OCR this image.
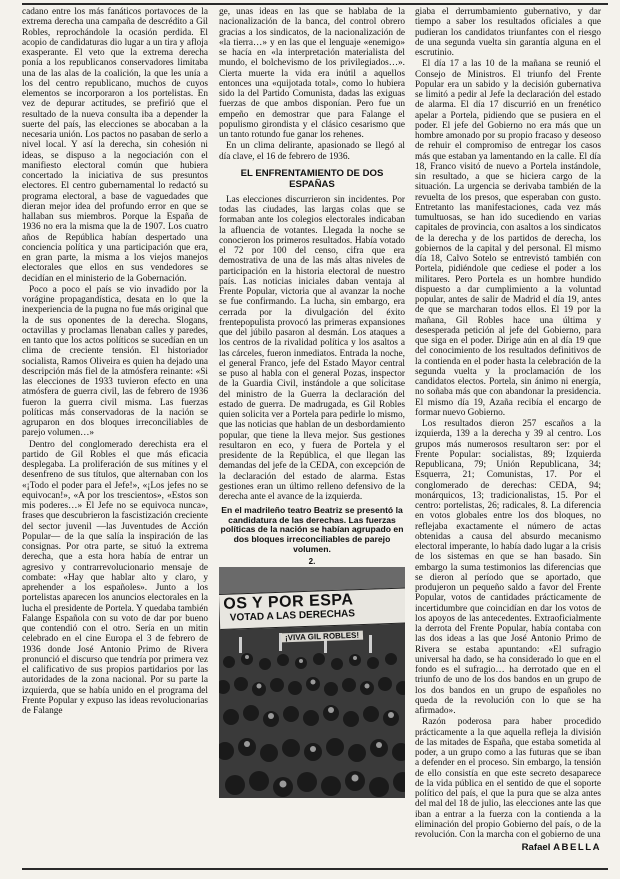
cadano entre los más fanáticos portavoces de la extrema derecha una campaña de descrédito a Gil Robles, reprochándole la ocasión perdida. El acopio de candidaturas dio lugar a un tira y afloja exasperante. El veto que la extrema derecha ponía a los republicanos conservadores limitaba una de las alas de la coalición, la que les unía a los del centro republicano, muchos de cuyos elementos se incorporaron a los portelistas. En vez de depurar actitudes, se prefirió que el resultado de la nueva consulta iba a depender la suerte del país, las elecciones se abocaban a la necesaria unión. Los pactos no pasaban de serlo a nivel local. Y así la derecha, sin cohesión ni ideas, se dispuso a la negociación con el manifiesto electoral común que hubiera concertado la iniciativa de sus presuntos electores. El centro gubernamental lo redactó su programa electoral, a base de vaguedades que dieran mejor idea del profundo error en que se hallaban sus miembros. Porque la España de 1936 no era la misma que la de 1907. Los cuatro años de República habían despertado una conciencia política y una participación que era, en gran parte, la misma a los viejos manejos electorales que ellos en sus vendedores se decidían en el ministerio de la Gobernación.

Poco a poco el país se vio invadido por la vorágine propagandística, desata en lo que la inexperiencia de la pugna no fue más original que la de sus oponentes de la derecha. Slogans, octavillas y proclamas llenaban calles y paredes, en tanto que los actos políticos se sucedían en un clima de creciente tensión. El historiador socialista, Ramos Oliveira es quien ha dejado una descripción más fiel de la atmósfera reinante: «Si las elecciones de 1933 tuvieron efecto en una atmósfera de guerra civil, las de febrero de 1936 fueron la guerra civil misma. Las fuerzas políticas más conservadoras de la nación se agruparon en dos bloques irreconciliables de parejo volumen…»

Dentro del conglomerado derechista era el partido de Gil Robles el que más eficacia desplegaba. La proliferación de sus mítines y el desenfreno de sus títulos, que alternaban con los «¡Todo el poder para el Jefe!», «¡Los jefes no se equivocan!», «A por los trescientos», «Estos son mis poderes…» El Jefe no se equivoca nunca», frases que descubrieron la fascistización creciente del sector juvenil —las Juventudes de Acción Popular— de la que salía la inspiración de las consignas. Por otra parte, se situó la extrema derecha, que a esta hora había de entrar un agresivo y contrarrevolucionario mensaje de combate: «Hay que hablar alto y claro, y aprehender a los españoles». Junto a los portelistas aparecen los anuncios electorales en la lucha el presidente de Portela. Y quedaba también Falange Española con su voto de dar por bueno que contendió con el otro. Sería en un mitin celebrado en el cine Europa el 3 de febrero de 1936 donde José Antonio Primo de Rivera pronunció el discurso que tendría por primera vez el calificativo de sus propios partidarios por las autoridades de la zona nacional. Por su parte la izquierda, que se había unido en el programa del Frente Popular y expuso las ideas revolucionarias de Falange

ge, unas ideas en las que se hablaba de la nacionalización de la banca, del control obrero gracias a los sindicatos, de la nacionalización de «la tierra…» y en las que el lenguaje «enemigo» se hacía en «la interpretación materialista del mundo, el bolchevismo de los privilegiados…». Cierta muerte la vida era inútil a aquellos entonces una «quijotada total», como lo hubiera sido la del Partido Comunista, dadas las exiguas fuerzas de que ambos disponían. Pero fue un empeño en demostrar que para Falange el populismo girondista y el clásico cesarismo que un tanto rotundo fue ganar los rehenes.

En un clima delirante, apasionado se llegó al día clave, el 16 de febrero de 1936.

EL ENFRENTAMIENTO DE DOS ESPAÑAS

Las elecciones discurrieron sin incidentes. Por todas las ciudades, las largas colas que se formaban ante los colegios electorales indicaban la afluencia de votantes. Llegada la noche se conocieron los primeros resultados. Había votado el 72 por 100 del censo, cifra que era demostrativa de una de las más altas niveles de participación en la historia electoral de nuestro país. Las noticias iniciales daban ventaja al Frente Popular, victoria que al avanzar la noche se fue confirmando. La lucha, sin embargo, era cerrada por la divulgación del éxito frentepopulista provocó las primeras expansiones que del júbilo pasaron al desmán. Los ataques a los centros de la rivalidad política y los asaltos a las cárceles, fueron inmediatos. Entrada la noche, el general Franco, jefe del Estado Mayor central se puso al habla con el general Pozas, inspector de la Guardia Civil, instándole a que solicitase del ministro de la Guerra la declaración del estado de guerra. De madrugada, es Gil Robles quien solicita ver a Portela para pedirle lo mismo, que las noticias que hablan de un desbordamiento popular, que tiene la lleva mejor. Sus gestiones resultaron en eco, y fuera de Portela y el presidente de la República, el que llegan las demandas del jefe de la CEDA, con excepción de la declaración del estado de alarma. Estas gestiones eran un último relleno defensivo de la derecha ante el avance de la izquierda.

En el madrileño teatro Beatriz se presentó la candidatura de las derechas. Las fuerzas políticas de la nación se habían agrupado en dos bloques irreconciliables de parejo volumen.
2.
OS Y POR ESPA
VOTAD A LAS DERECHAS
¡VIVA GIL ROBLES!

giaba el derrumbamiento gubernativo, y dar tiempo a saber los resultados oficiales a que pudieran los candidatos triunfantes con el riesgo de una segunda vuelta sin garantía alguna en el escrutinio.

El día 17 a las 10 de la mañana se reunió el Consejo de Ministros. El triunfo del Frente Popular era un sabido y la decisión gubernativa se limitó a pedir al Jefe la declaración del estado de alarma. El día 17 discurrió en un frenético apelar a Portela, pidiendo que se pusiera en el poder. El jefe del Gobierno no era más que un hombre amonado por su propio fracaso y deseoso de rehuir el compromiso de entregar los casos más que estaban ya lamentando en la calle. El día 18, Franco visitó de nuevo a Portela instándole, sin resultado, a que se hiciera cargo de la situación. La urgencia se derivaba también de la revuelta de los presos, que esperaban con gusto. Entretanto las manifestaciones, cada vez más tumultuosas, se han ido sucediendo en varias capitales de provincia, con asaltos a los sindicatos de la derecha y de los partidos de derecha, los gobiernos de la capital y del personal. El mismo día 18, Calvo Sotelo se entrevistó también con Portela, pidiéndole que cediese el poder a los militares. Pero Portela es un hombre hundido dispuesto a dar cumplimiento a la voluntad popular, antes de salir de Madrid el día 19, antes de que se marcharan todos ellos. El 19 por la mañana, Gil Robles hace una última y desesperada petición al jefe del Gobierno, para que siga en el poder. Dirige aún en al día 19 que del conocimiento de los resultados definitivos de la contienda en el poder hasta la celebración de la segunda vuelta y la proclamación de los candidatos electos. Portela, sin ánimo ni energía, no soñaba más que con abandonar la presidencia. El mismo día 19, Azaña recibía el encargo de formar nuevo Gobierno.

Los resultados dieron 257 escaños a la izquierda, 139 a la derecha y 39 al centro. Los grupos más numerosos resultaron ser: por el Frente Popular: socialistas, 89; Izquierda Republicana, 79; Unión Republicana, 34; Esquerra, 21; Comunistas, 17. Por el conglomerado de derechas: CEDA, 94; monárquicos, 13; tradicionalistas, 15. Por el centro: portelistas, 26; radicales, 8. La diferencia en votos globales entre los dos bloques, no reflejaba exactamente el número de actas obtenidas a causa del absurdo mecanismo electoral imperante, lo había dado lugar a la crisis de los sistemas en que se han basado. Sin embargo la suma testimonios las diferencias que se dieron al período que se aportado, que produjeron un pequeño saldo a favor del Frente Popular, votos de cantidades prácticamente de incertidumbre que coincidían en dar los votos de los apoyos de las antecedentes. Extraoficialmente la derrota del Frente Popular, había contaba con las dos ideas a las que José Antonio Primo de Rivera se estaba apuntando: «El sufragio universal ha dado, se ha considerado lo que en el fondo es el sufragio… ha derrotado que en el triunfo de uno de los dos bandos en un grupo de los dos bandos en un grupo de españoles no queda de la revolución con lo que se ha afirmado».

Razón poderosa para haber procedido prácticamente a la que aquella refleja la división de las mitades de España, que estaba sometida al poder, a un grupo como a las futuras que se iban a defender en el proceso. Sin embargo, la tensión de ello consistía en que este secreto desaparece de la vida pública en el sentido de que el soporte político del país, el que la pura que se alza antes del mal del 18 de julio, las elecciones ante las que iban a entrar a la fuerza con la contienda a la eliminación del propio Gobierno del país, o de la revolución. Con la marcha con el gobierno de una

Rafael ABELLA
